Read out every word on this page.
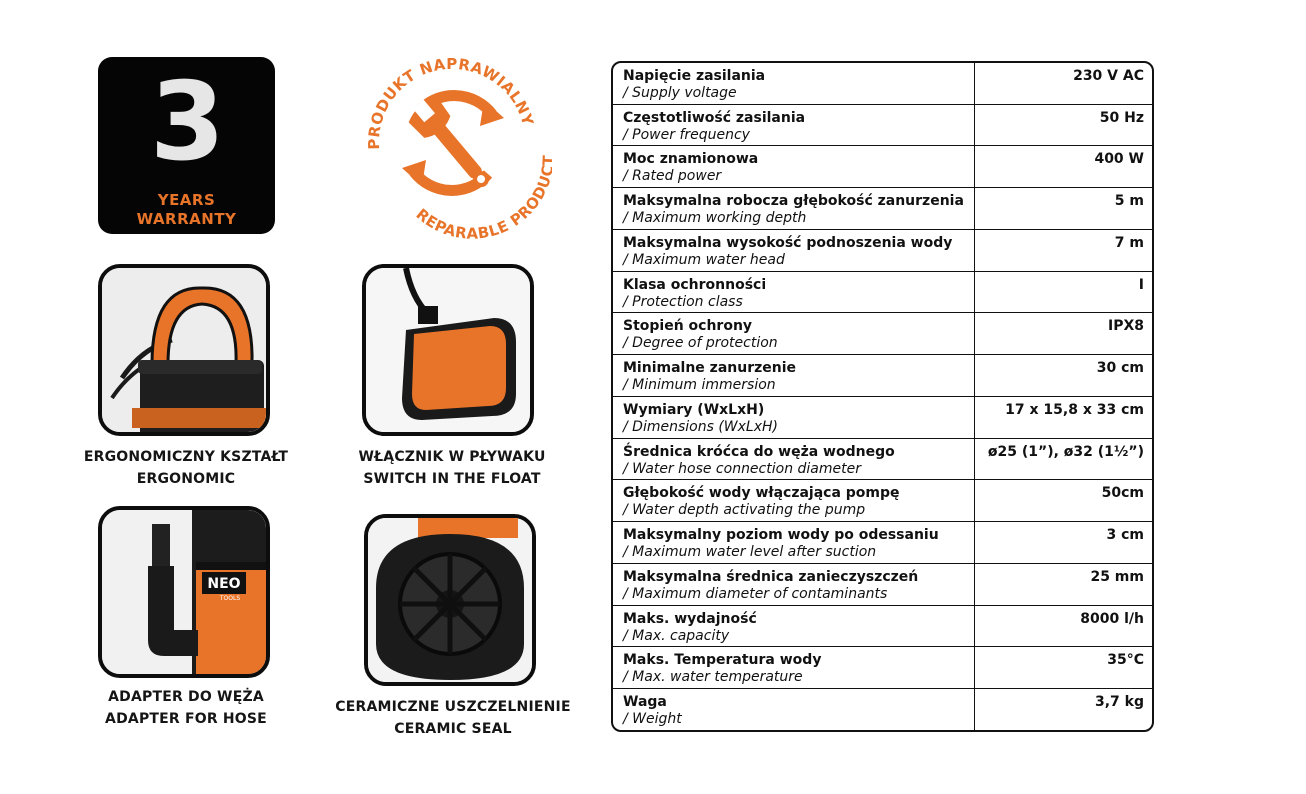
3
YEARS
WARRANTY
PRODUKT NAPRAWIALNY
REPARABLE PROD
ERGONOMICZNY KSZTAŁT
ERGONOMIC
WŁĄCZNIK W PŁYWAKU
SWITCH IN THE FLOAT
NEO
TOOLS
ADAPTER DO WĘŻA
ADAPTER FOR HOSE
CERAMICZNE USZCZELNIENIE
CERAMIC SEAL
Napięcie zasilania
/ Supply voltage	230 V AC

Częstotliwość zasilania
/ Power frequency	50 Hz

Moc znamionowa
/ Rated power	400 W

Maksymalna robocza głębokość zanurzenia
/ Maximum working depth	5 m

Maksymalna wysokość podnoszenia wody
/ Maximum water head	7 m

Klasa ochronności
/ Protection class	I

Stopień ochrony
/ Degree of protection	IPX8

Minimalne zanurzenie
/ Minimum immersion	30 cm

Wymiary (WxLxH)
/ Dimensions (WxLxH)	17 x 15,8 x 33 cm

Średnica króćca do węża wodnego
/ Water hose connection diameter	ø25 (1”), ø32 (1½”)

Głębokość wody włączająca pompę
/ Water depth activating the pump	50cm

Maksymalny poziom wody po odessaniu
/ Maximum water level after suction	3 cm

Maksymalna średnica zanieczyszczeń
/ Maximum diameter of contaminants	25 mm

Maks. wydajność
/ Max. capacity	8000 l/h

Maks. Temperatura wody
/ Max. water temperature	35°C

Waga
/ Weight	3,7 kg
